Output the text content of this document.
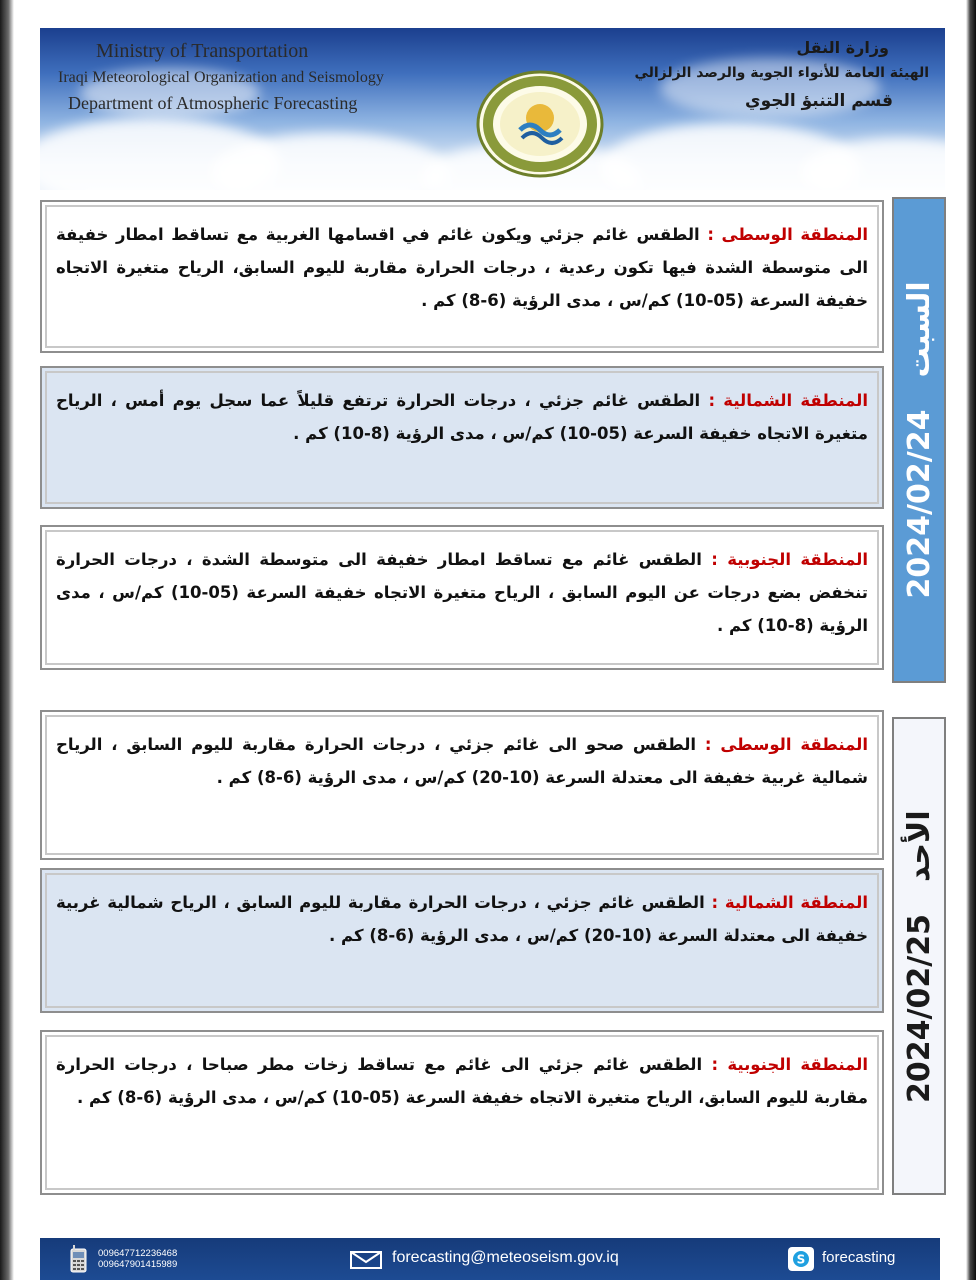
Ministry of Transportation
Iraqi Meteorological Organization and Seismology
Department of Atmospheric Forecasting
وزارة النقل
الهيئة العامة للأنواء الجوية والرصد الزلزالي
قسم التنبؤ الجوي
المنطقة الوسطى : الطقس غائم جزئي ويكون غائم في اقسامها الغربية مع تساقط امطار خفيفة الى متوسطة الشدة فيها تكون رعدية ، درجات الحرارة مقاربة لليوم السابق، الرياح متغيرة الاتجاه خفيفة السرعة (05-10) كم/س ، مدى الرؤية (6-8) كم .
المنطقة الشمالية : الطقس غائم جزئي ، درجات الحرارة ترتفع قليلاً عما سجل يوم أمس ، الرياح متغيرة الاتجاه خفيفة السرعة (05-10) كم/س ، مدى الرؤية (8-10) كم .
المنطقة الجنوبية : الطقس غائم مع تساقط امطار خفيفة الى متوسطة الشدة ، درجات الحرارة تنخفض بضع درجات عن اليوم السابق ، الرياح متغيرة الاتجاه خفيفة السرعة (05-10) كم/س ، مدى الرؤية (8-10) كم .
2024/02/24 السبت
المنطقة الوسطى : الطقس صحو الى غائم جزئي ، درجات الحرارة مقاربة لليوم السابق ، الرياح شمالية غربية خفيفة الى معتدلة السرعة (10-20) كم/س ، مدى الرؤية (6-8) كم .
المنطقة الشمالية : الطقس غائم جزئي ، درجات الحرارة مقاربة لليوم السابق ، الرياح شمالية غربية خفيفة الى معتدلة السرعة (10-20) كم/س ، مدى الرؤية (6-8) كم .
المنطقة الجنوبية : الطقس غائم جزئي الى غائم مع تساقط زخات مطر صباحا ، درجات الحرارة مقاربة لليوم السابق، الرياح متغيرة الاتجاه خفيفة السرعة (05-10) كم/س ، مدى الرؤية (6-8) كم .	2024/02/25 الأحد
009647712236468
009647901415989	forecasting@meteoseism.gov.iq	S forecasting
